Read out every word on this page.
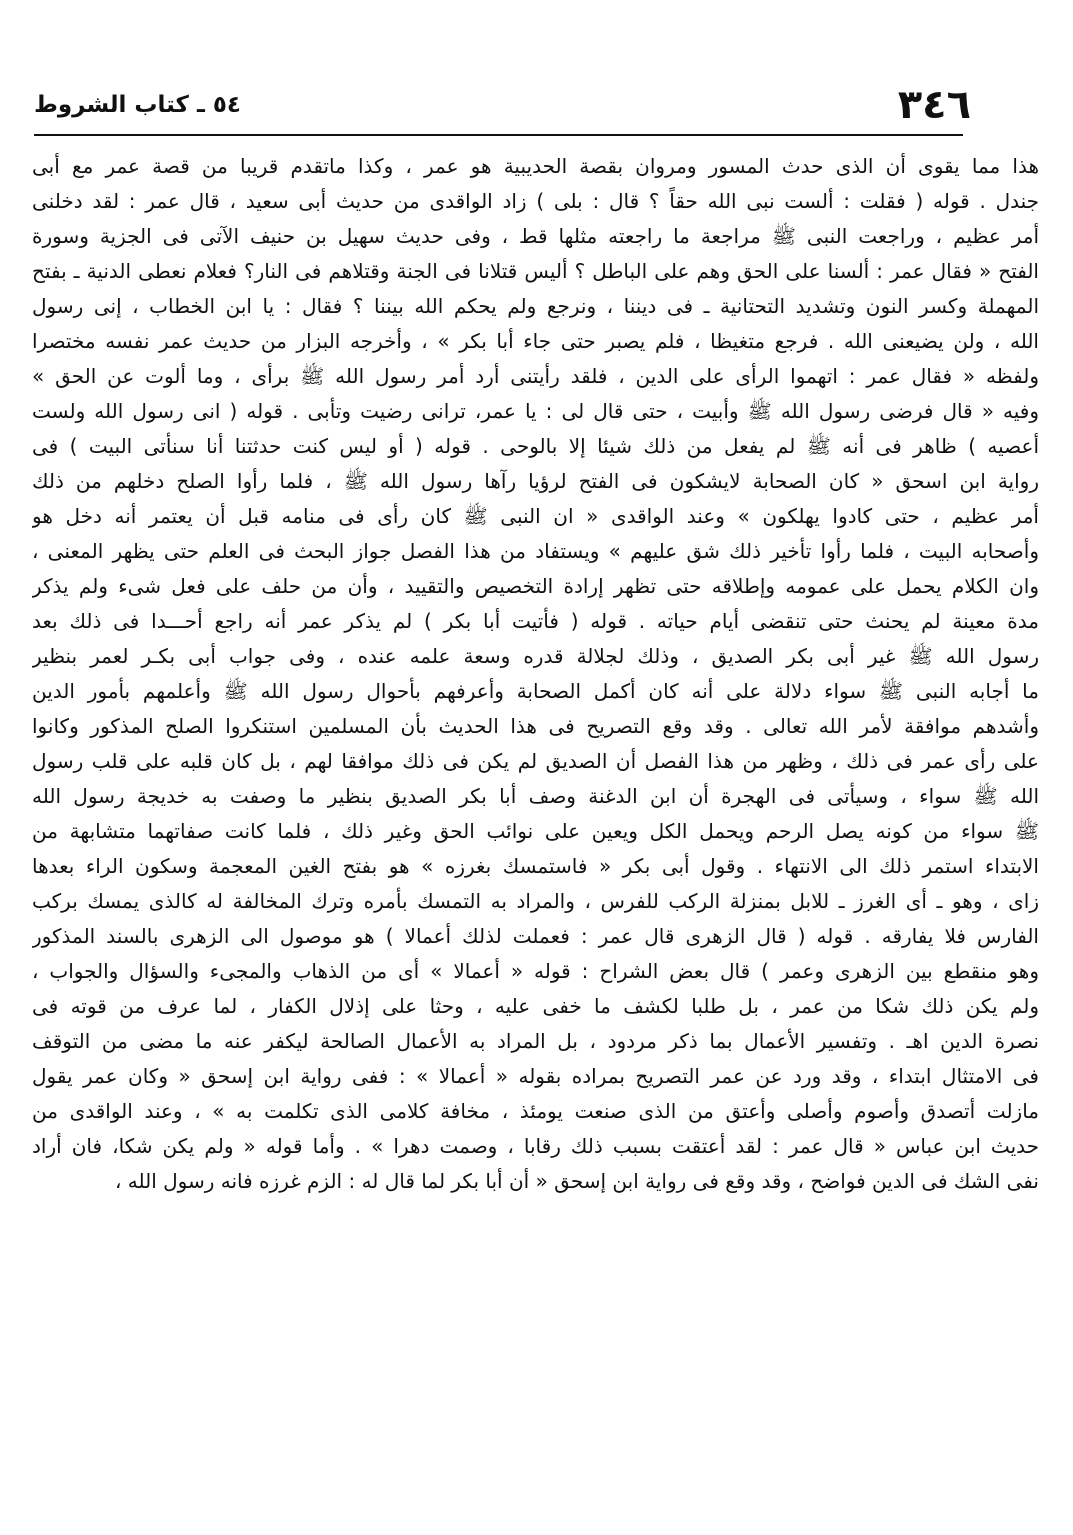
٣٤٦
٥٤ ـ كتاب الشروط
هذا مما يقوى أن الذى حدث المسور ومروان بقصة الحديبية هو عمر ، وكذا ماتقدم قريبا من قصة عمر مع أبى
جندل . قوله ( فقلت : ألست نبى الله حقاً ؟ قال : بلى ) زاد الواقدى من حديث أبى سعيد ، قال عمر : لقد دخلنى
أمر عظيم ، وراجعت النبى ﷺ مراجعة ما راجعته مثلها قط ، وفى حديث سهيل بن حنيف الآتى فى الجزية وسورة
الفتح « فقال عمر : ألسنا على الحق وهم على الباطل ؟ أليس قتلانا فى الجنة وقتلاهم فى النار؟ فعلام نعطى الدنية ـ بفتح
المهملة وكسر النون وتشديد التحتانية ـ فى ديننا ، ونرجع ولم يحكم الله بيننا ؟ فقال : يا ابن الخطاب ، إنى رسول
الله ، ولن يضيعنى الله . فرجع متغيظا ، فلم يصبر حتى جاء أبا بكر » ، وأخرجه البزار من حديث عمر نفسه مختصرا
ولفظه « فقال عمر : اتهموا الرأى على الدين ، فلقد رأيتنى أرد أمر رسول الله ﷺ برأى ، وما ألوت عن الحق »
وفيه « قال فرضى رسول الله ﷺ وأبيت ، حتى قال لى : يا عمر، ترانى رضيت وتأبى . قوله ( انى رسول الله ولست
أعصيه ) ظاهر فى أنه ﷺ لم يفعل من ذلك شيئا إلا بالوحى . قوله ( أو ليس كنت حدثتنا أنا سنأتى البيت ) فى
رواية ابن اسحق « كان الصحابة لايشكون فى الفتح لرؤيا رآها رسول الله ﷺ ، فلما رأوا الصلح دخلهم من ذلك
أمر عظيم ، حتى كادوا يهلكون » وعند الواقدى « ان النبى ﷺ كان رأى فى منامه قبل أن يعتمر أنه دخل هو
وأصحابه البيت ، فلما رأوا تأخير ذلك شق عليهم » ويستفاد من هذا الفصل جواز البحث فى العلم حتى يظهر المعنى ،
وان الكلام يحمل على عمومه وإطلاقه حتى تظهر إرادة التخصيص والتقييد ، وأن من حلف على فعل شىء ولم يذكر
مدة معينة لم يحنث حتى تنقضى أيام حياته . قوله ( فأتيت أبا بكر ) لم يذكر عمر أنه راجع أحـــدا فى ذلك بعد
رسول الله ﷺ غير أبى بكر الصديق ، وذلك لجلالة قدره وسعة علمه عنده ، وفى جواب أبى بكـر لعمر بنظير
ما أجابه النبى ﷺ سواء دلالة على أنه كان أكمل الصحابة وأعرفهم بأحوال رسول الله ﷺ وأعلمهم بأمور الدين
وأشدهم موافقة لأمر الله تعالى . وقد وقع التصريح فى هذا الحديث بأن المسلمين استنكروا الصلح المذكور وكانوا
على رأى عمر فى ذلك ، وظهر من هذا الفصل أن الصديق لم يكن فى ذلك موافقا لهم ، بل كان قلبه على قلب رسول
الله ﷺ سواء ، وسيأتى فى الهجرة أن ابن الدغنة وصف أبا بكر الصديق بنظير ما وصفت به خديجة رسول الله
ﷺ سواء من كونه يصل الرحم ويحمل الكل ويعين على نوائب الحق وغير ذلك ، فلما كانت صفاتهما متشابهة من
الابتداء استمر ذلك الى الانتهاء . وقول أبى بكر « فاستمسك بغرزه » هو بفتح الغين المعجمة وسكون الراء بعدها
زاى ، وهو ـ أى الغرز ـ للابل بمنزلة الركب للفرس ، والمراد به التمسك بأمره وترك المخالفة له كالذى يمسك بركب
الفارس فلا يفارقه . قوله ( قال الزهرى قال عمر : فعملت لذلك أعمالا ) هو موصول الى الزهرى بالسند المذكور
وهو منقطع بين الزهرى وعمر ) قال بعض الشراح : قوله « أعمالا » أى من الذهاب والمجىء والسؤال والجواب ،
ولم يكن ذلك شكا من عمر ، بل طلبا لكشف ما خفى عليه ، وحثا على إذلال الكفار ، لما عرف من قوته فى
نصرة الدين اهـ . وتفسير الأعمال بما ذكر مردود ، بل المراد به الأعمال الصالحة ليكفر عنه ما مضى من التوقف
فى الامتثال ابتداء ، وقد ورد عن عمر التصريح بمراده بقوله « أعمالا » : ففى رواية ابن إسحق « وكان عمر يقول
مازلت أتصدق وأصوم وأصلى وأعتق من الذى صنعت يومئذ ، مخافة كلامى الذى تكلمت به » ، وعند الواقدى من
حديث ابن عباس « قال عمر : لقد أعتقت بسبب ذلك رقابا ، وصمت دهرا » . وأما قوله « ولم يكن شكا، فان أراد
نفى الشك فى الدين فواضح ، وقد وقع فى رواية ابن إسحق « أن أبا بكر لما قال له : الزم غرزه فانه رسول الله ،
